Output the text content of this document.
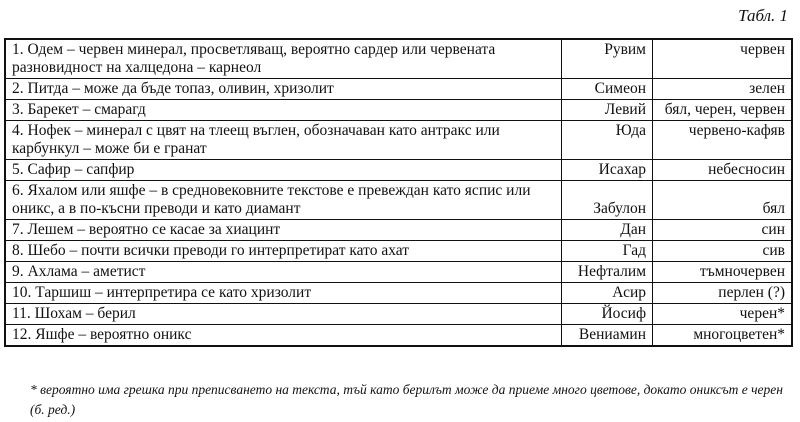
Табл. 1
1. Одем – червен минерал, просветляващ, вероятно сардер или червената разновидност на халцедона – карнеол	Рувим	червен
2. Питда – може да бъде топаз, оливин, хризолит	Симеон	зелен
3. Барекет – смарагд	Левий	бял, черен, червен
4. Нофек – минерал с цвят на тлеещ въглен, обозначаван като антракс или карбункул – може би е гранат	Юда	червено-кафяв
5. Сафир – сапфир	Исахар	небесносин
6. Яхалом или яшфе – в средновековните текстове е превеждан като яспис или оникс, а в по-късни преводи и като диамант	Забулон	бял
7. Лешем – вероятно се касае за хиацинт	Дан	син
8. Шебо – почти всички преводи го интерпретират като ахат	Гад	сив
9. Ахлама – аметист	Нефталим	тъмночервен
10. Таршиш – интерпретира се като хризолит	Асир	перлен (?)
11. Шохам – берил	Йосиф	черен*
12. Яшфе – вероятно оникс	Вениамин	многоцветен*
* вероятно има грешка при преписването на текста, тъй като берилът може да приеме много цветове, докато ониксът е черен (б. ред.)
